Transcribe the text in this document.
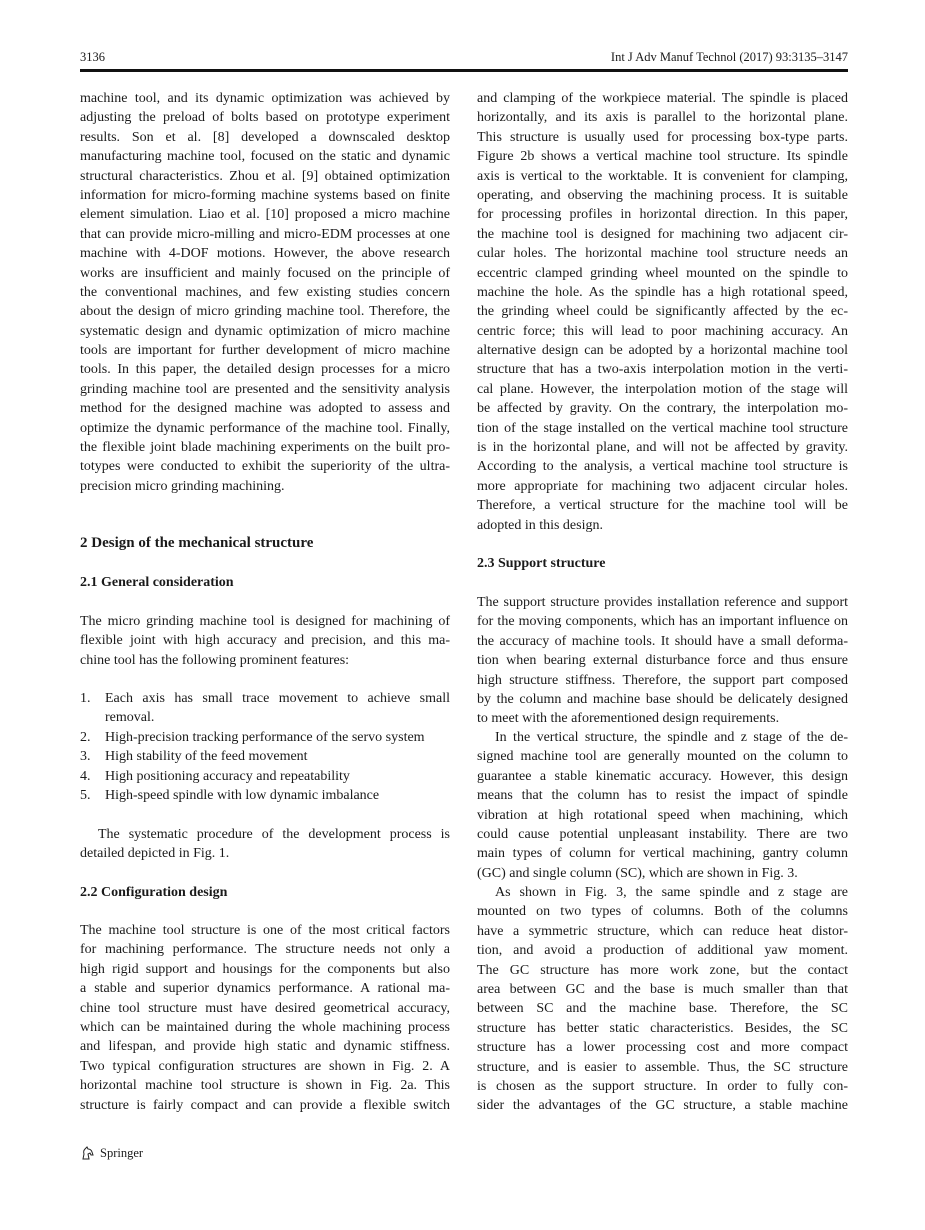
3136	Int J Adv Manuf Technol (2017) 93:3135–3147
machine tool, and its dynamic optimization was achieved by
adjusting the preload of bolts based on prototype experiment
results. Son et al. [8] developed a downscaled desktop
manufacturing machine tool, focused on the static and dynamic
structural characteristics. Zhou et al. [9] obtained optimization
information for micro-forming machine systems based on finite
element simulation. Liao et al. [10] proposed a micro machine
that can provide micro-milling and micro-EDM processes at one
machine with 4-DOF motions. However, the above research
works are insufficient and mainly focused on the principle of
the conventional machines, and few existing studies concern
about the design of micro grinding machine tool. Therefore, the
systematic design and dynamic optimization of micro machine
tools are important for further development of micro machine
tools. In this paper, the detailed design processes for a micro
grinding machine tool are presented and the sensitivity analysis
method for the designed machine was adopted to assess and
optimize the dynamic performance of the machine tool. Finally,
the flexible joint blade machining experiments on the built pro-
totypes were conducted to exhibit the superiority of the ultra-
precision micro grinding machining.
2 Design of the mechanical structure
2.1 General consideration
The micro grinding machine tool is designed for machining of
flexible joint with high accuracy and precision, and this ma-
chine tool has the following prominent features:
1.	Each axis has small trace movement to achieve small
removal.
2.	High-precision tracking performance of the servo system
3.	High stability of the feed movement
4.	High positioning accuracy and repeatability
5.	High-speed spindle with low dynamic imbalance
The systematic procedure of the development process is
detailed depicted in Fig. 1.
2.2 Configuration design
The machine tool structure is one of the most critical factors
for machining performance. The structure needs not only a
high rigid support and housings for the components but also
a stable and superior dynamics performance. A rational ma-
chine tool structure must have desired geometrical accuracy,
which can be maintained during the whole machining process
and lifespan, and provide high static and dynamic stiffness.
Two typical configuration structures are shown in Fig. 2. A
horizontal machine tool structure is shown in Fig. 2a. This
structure is fairly compact and can provide a flexible switch
and clamping of the workpiece material. The spindle is placed
horizontally, and its axis is parallel to the horizontal plane.
This structure is usually used for processing box-type parts.
Figure 2b shows a vertical machine tool structure. Its spindle
axis is vertical to the worktable. It is convenient for clamping,
operating, and observing the machining process. It is suitable
for processing profiles in horizontal direction. In this paper,
the machine tool is designed for machining two adjacent cir-
cular holes. The horizontal machine tool structure needs an
eccentric clamped grinding wheel mounted on the spindle to
machine the hole. As the spindle has a high rotational speed,
the grinding wheel could be significantly affected by the ec-
centric force; this will lead to poor machining accuracy. An
alternative design can be adopted by a horizontal machine tool
structure that has a two-axis interpolation motion in the verti-
cal plane. However, the interpolation motion of the stage will
be affected by gravity. On the contrary, the interpolation mo-
tion of the stage installed on the vertical machine tool structure
is in the horizontal plane, and will not be affected by gravity.
According to the analysis, a vertical machine tool structure is
more appropriate for machining two adjacent circular holes.
Therefore, a vertical structure for the machine tool will be
adopted in this design.
2.3 Support structure
The support structure provides installation reference and support
for the moving components, which has an important influence on
the accuracy of machine tools. It should have a small deforma-
tion when bearing external disturbance force and thus ensure
high structure stiffness. Therefore, the support part composed
by the column and machine base should be delicately designed
to meet with the aforementioned design requirements.
In the vertical structure, the spindle and z stage of the de-
signed machine tool are generally mounted on the column to
guarantee a stable kinematic accuracy. However, this design
means that the column has to resist the impact of spindle
vibration at high rotational speed when machining, which
could cause potential unpleasant instability. There are two
main types of column for vertical machining, gantry column
(GC) and single column (SC), which are shown in Fig. 3.
As shown in Fig. 3, the same spindle and z stage are
mounted on two types of columns. Both of the columns
have a symmetric structure, which can reduce heat distor-
tion, and avoid a production of additional yaw moment.
The GC structure has more work zone, but the contact
area between GC and the base is much smaller than that
between SC and the machine base. Therefore, the SC
structure has better static characteristics. Besides, the SC
structure has a lower processing cost and more compact
structure, and is easier to assemble. Thus, the SC structure
is chosen as the support structure. In order to fully con-
sider the advantages of the GC structure, a stable machine
Springer
